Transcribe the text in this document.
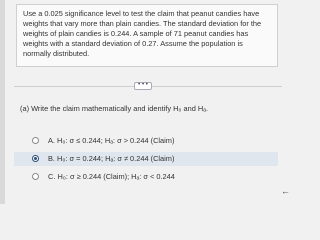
Use a 0.025 significance level to test the claim that peanut candies have weights that vary more than plain candies. The standard deviation for the weights of plain candies is 0.244. A sample of 71 peanut candies has weights with a standard deviation of 0.27. Assume the population is normally distributed.
• • •
(a) Write the claim mathematically and identify H₀ and Hₐ.
A. H₀: σ ≤ 0.244; Hₐ: σ > 0.244 (Claim)
B. H₀: σ = 0.244; Hₐ: σ ≠ 0.244 (Claim)
C. H₀: σ ≥ 0.244 (Claim); Hₐ: σ < 0.244
←
